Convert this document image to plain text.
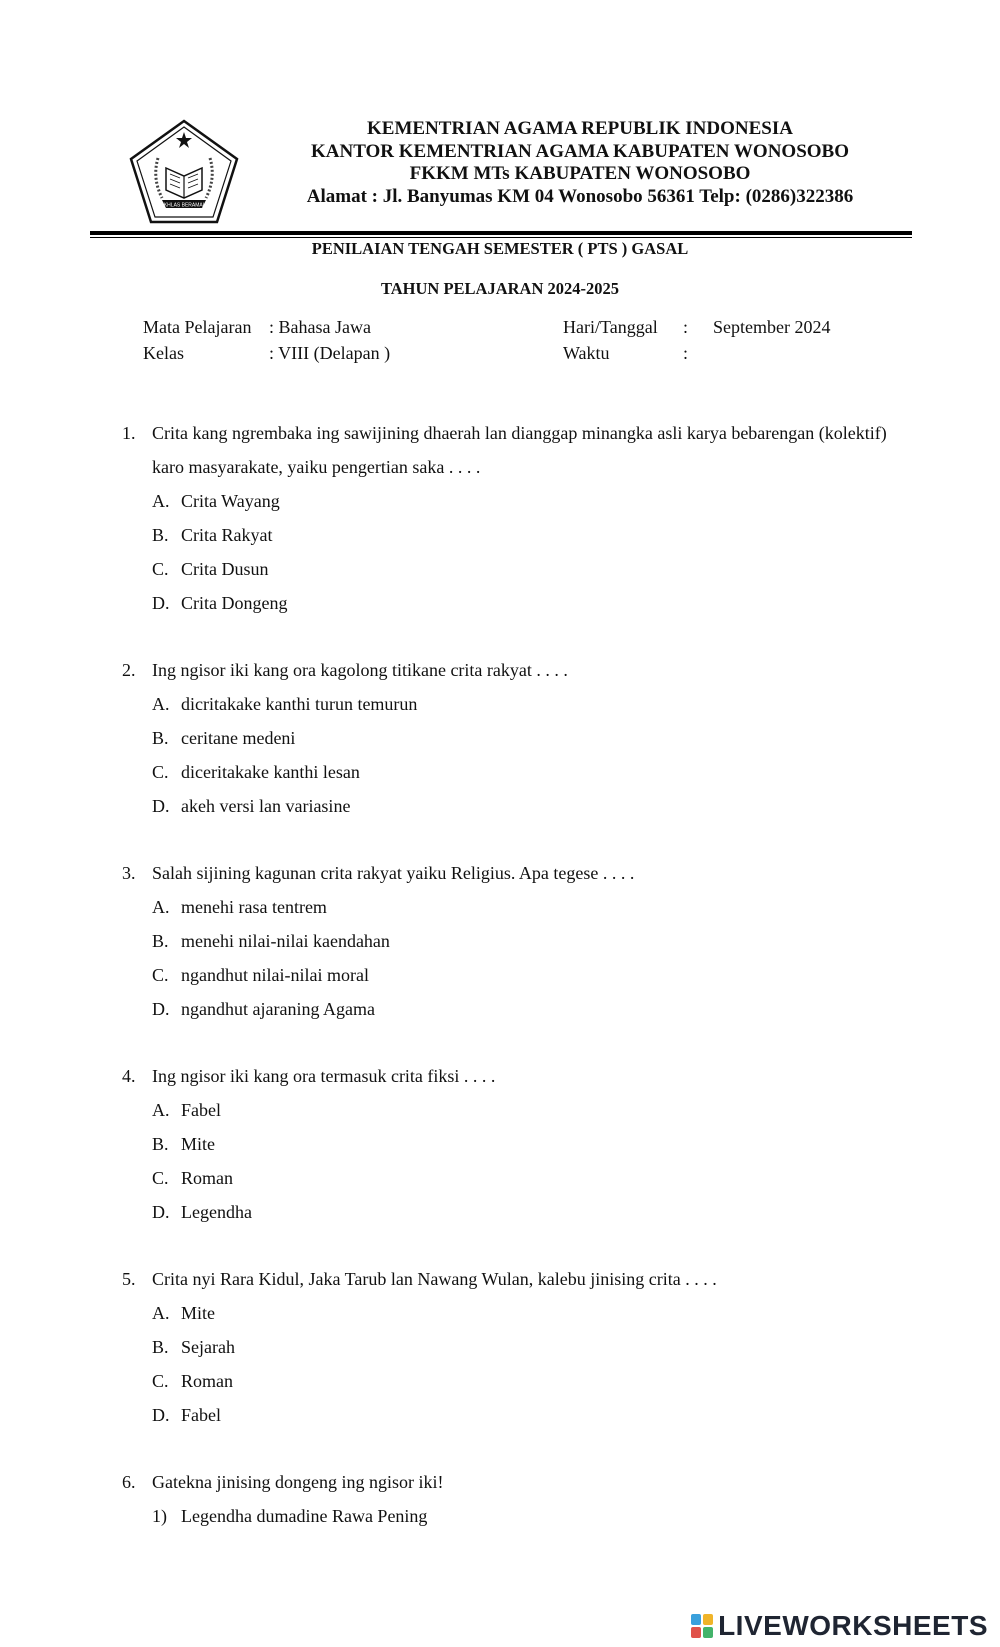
IKHLAS BERAMAL
KEMENTRIAN AGAMA REPUBLIK INDONESIA
KANTOR KEMENTRIAN AGAMA KABUPATEN WONOSOBO
FKKM MTs KABUPATEN WONOSOBO
Alamat : Jl. Banyumas KM 04 Wonosobo 56361 Telp: (0286)322386
PENILAIAN TENGAH SEMESTER ( PTS ) GASAL
TAHUN PELAJARAN 2024-2025
Mata Pelajaran : Bahasa Jawa
Kelas	: VIII (Delapan )
Hari/Tanggal : September 2024
Waktu	:
1. Crita kang ngrembaka ing sawijining dhaerah lan dianggap minangka asli karya bebarengan (kolektif) karo masyarakate, yaiku pengertian saka . . . .
A. Crita Wayang
B. Crita Rakyat
C. Crita Dusun
D. Crita Dongeng
2. Ing ngisor iki kang ora kagolong titikane crita rakyat . . . .
A. dicritakake kanthi turun temurun
B. ceritane medeni
C. diceritakake kanthi lesan
D. akeh versi lan variasine
3. Salah sijining kagunan crita rakyat yaiku Religius. Apa tegese . . . .
A. menehi rasa tentrem
B. menehi nilai-nilai kaendahan
C. ngandhut nilai-nilai moral
D. ngandhut ajaraning Agama
4. Ing ngisor iki kang ora termasuk crita fiksi . . . .
A. Fabel
B. Mite
C. Roman
D. Legendha
5. Crita nyi Rara Kidul, Jaka Tarub lan Nawang Wulan, kalebu jinising crita . . . .
A. Mite
B. Sejarah
C. Roman
D. Fabel
6. Gatekna jinising dongeng ing ngisor iki!
1) Legendha dumadine Rawa Pening
LIVEWORKSHEETS
